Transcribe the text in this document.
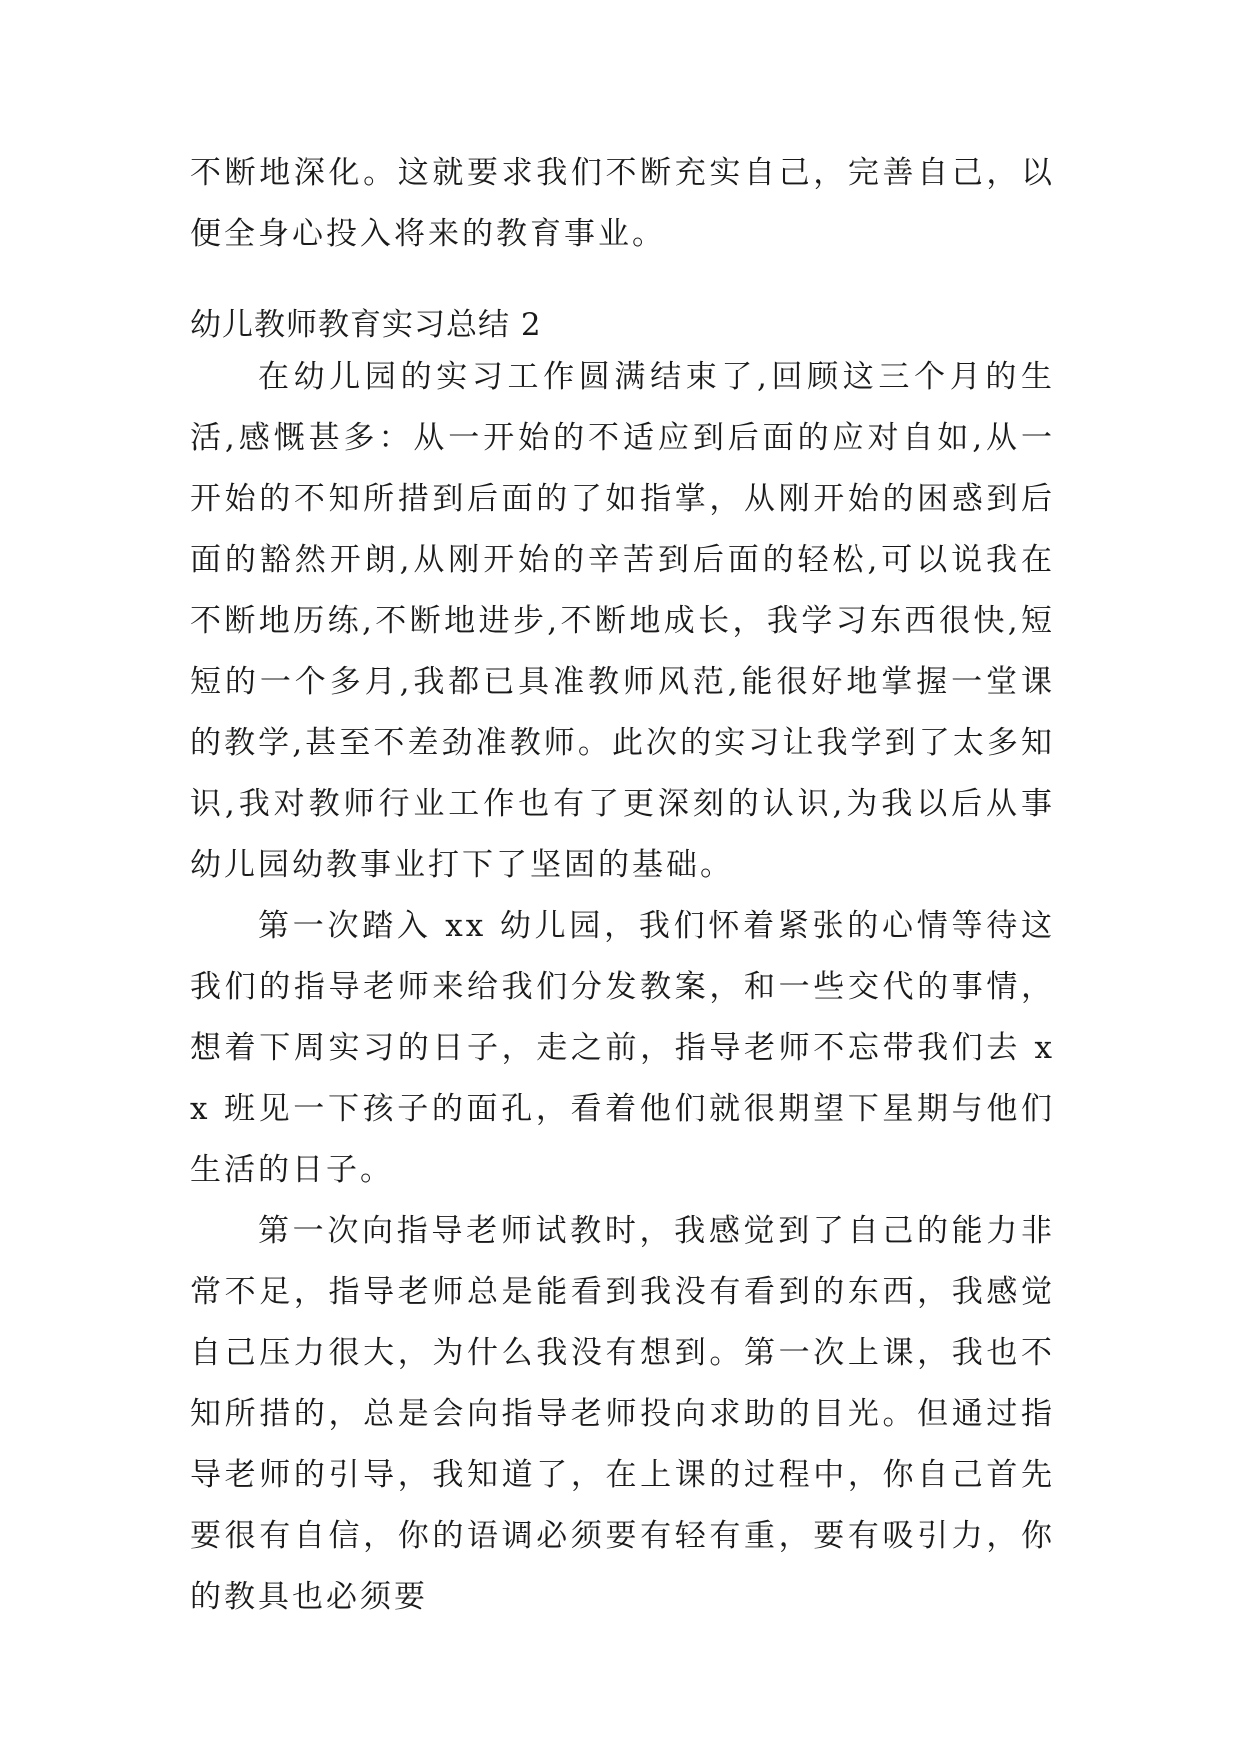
不断地深化。这就要求我们不断充实自己，完善自己，以便全身心投入将来的教育事业。

幼儿教师教育实习总结 2

在幼儿园的实习工作圆满结束了,回顾这三个月的生活,感慨甚多：从一开始的不适应到后面的应对自如,从一开始的不知所措到后面的了如指掌，从刚开始的困惑到后面的豁然开朗,从刚开始的辛苦到后面的轻松,可以说我在不断地历练,不断地进步,不断地成长，我学习东西很快,短短的一个多月,我都已具准教师风范,能很好地掌握一堂课的教学,甚至不差劲准教师。此次的实习让我学到了太多知识,我对教师行业工作也有了更深刻的认识,为我以后从事幼儿园幼教事业打下了坚固的基础。

第一次踏入 xx 幼儿园，我们怀着紧张的心情等待这我们的指导老师来给我们分发教案，和一些交代的事情，想着下周实习的日子，走之前，指导老师不忘带我们去 xx 班见一下孩子的面孔，看着他们就很期望下星期与他们生活的日子。

第一次向指导老师试教时，我感觉到了自己的能力非常不足，指导老师总是能看到我没有看到的东西，我感觉自己压力很大，为什么我没有想到。第一次上课，我也不知所措的，总是会向指导老师投向求助的目光。但通过指导老师的引导，我知道了，在上课的过程中，你自己首先要很有自信，你的语调必须要有轻有重，要有吸引力，你的教具也必须要
